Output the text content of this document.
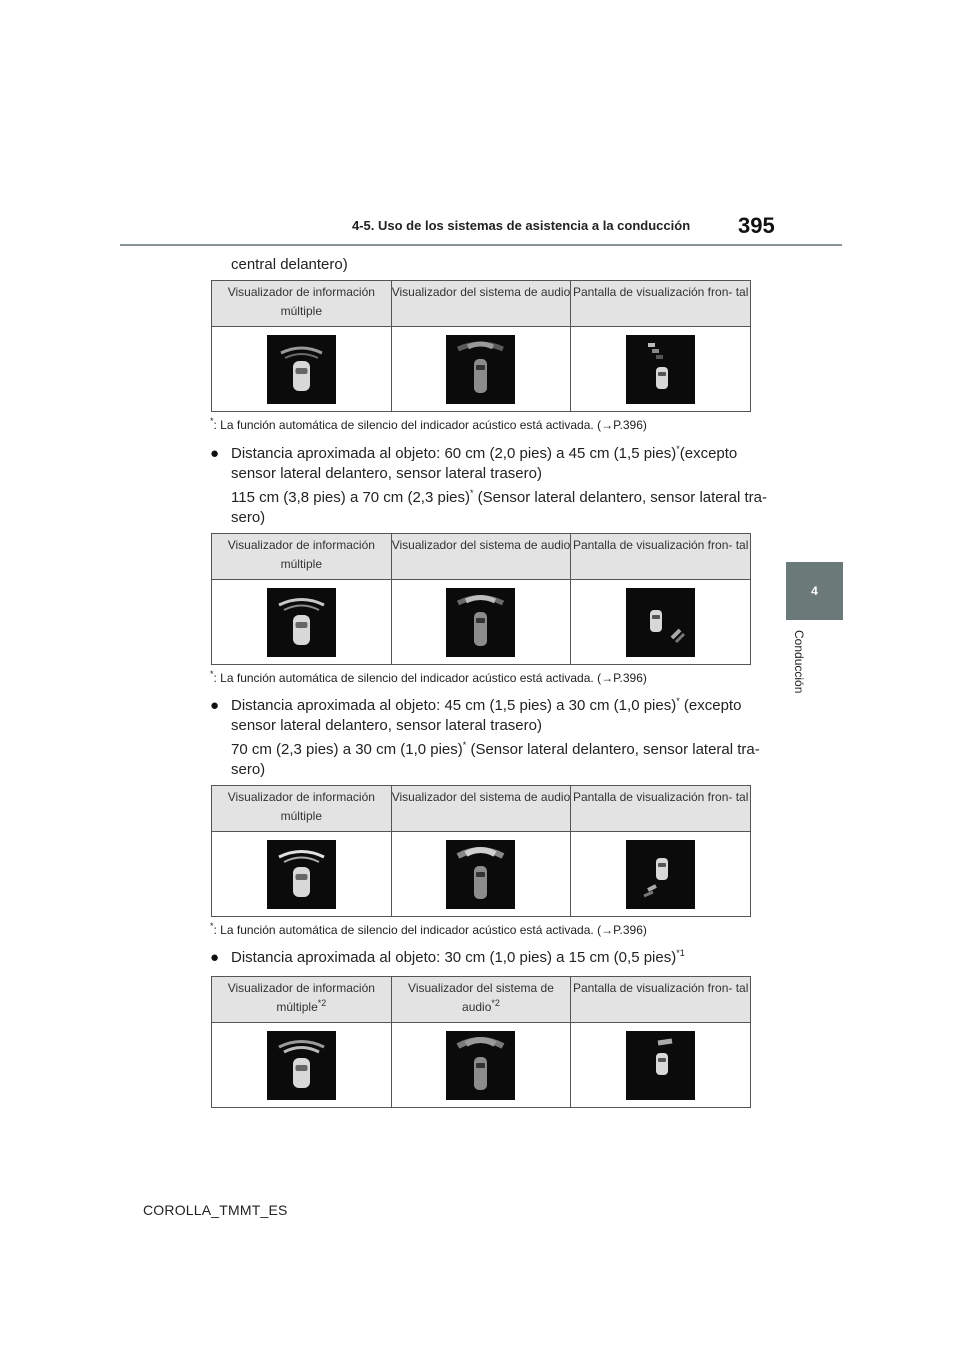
4-5. Uso de los sistemas de asistencia a la conducción 395
4
Conducción
central delantero)
Visualizador de información múltiple	Visualizador del sistema de audio	Pantalla de visualización fron- tal

*: La función automática de silencio del indicador acústico está activada. (→P.396)
● Distancia aproximada al objeto: 60 cm (2,0 pies) a 45 cm (1,5 pies)*(excepto
sensor lateral delantero, sensor lateral trasero)
115 cm (3,8 pies) a 70 cm (2,3 pies)* (Sensor lateral delantero, sensor lateral tra-
sero)
Visualizador de información múltiple	Visualizador del sistema de audio	Pantalla de visualización fron- tal

*: La función automática de silencio del indicador acústico está activada. (→P.396)
● Distancia aproximada al objeto: 45 cm (1,5 pies) a 30 cm (1,0 pies)* (excepto
sensor lateral delantero, sensor lateral trasero)
70 cm (2,3 pies) a 30 cm (1,0 pies)* (Sensor lateral delantero, sensor lateral tra-
sero)
Visualizador de información múltiple	Visualizador del sistema de audio	Pantalla de visualización fron- tal

*: La función automática de silencio del indicador acústico está activada. (→P.396)
● Distancia aproximada al objeto: 30 cm (1,0 pies) a 15 cm (0,5 pies)$^{*1}$
Visualizador de información múltiple$^{*2}$	Visualizador del sistema de audio$^{*2}$	Pantalla de visualización fron- tal

COROLLA_TMMT_ES
